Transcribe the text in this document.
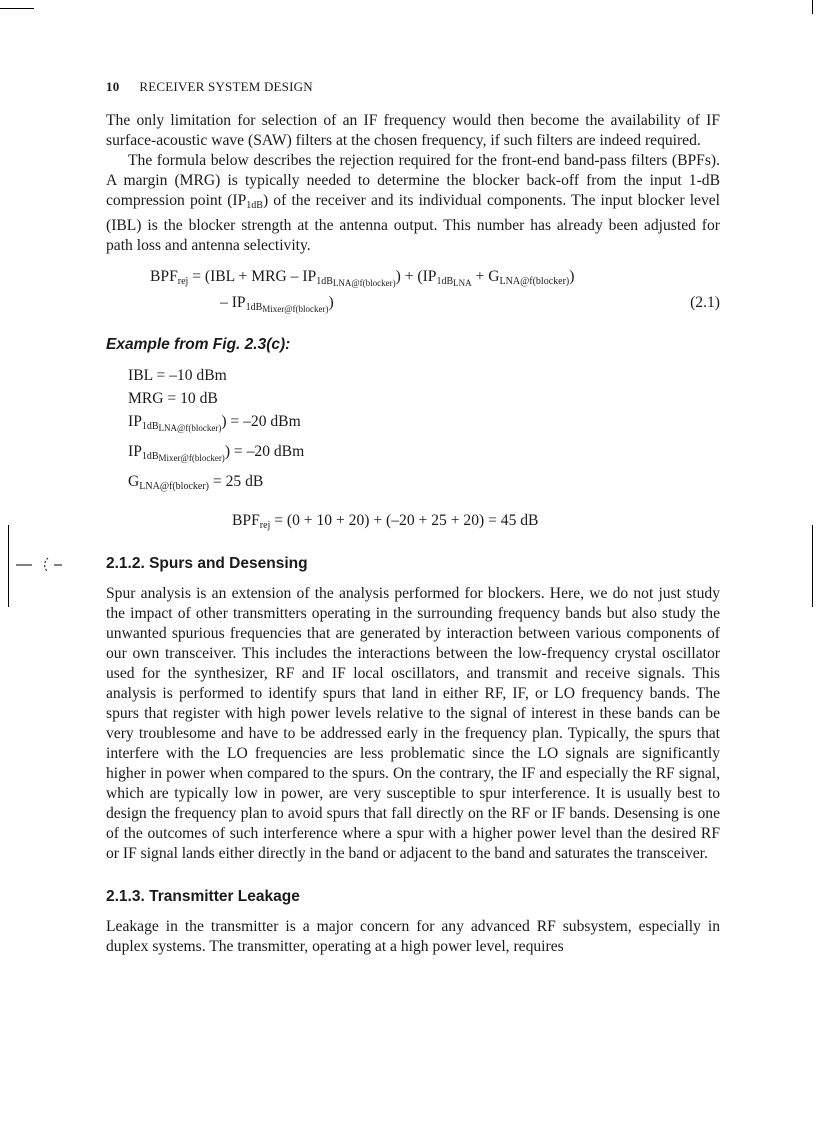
10 RECEIVER SYSTEM DESIGN

The only limitation for selection of an IF frequency would then become the availability of IF surface-acoustic wave (SAW) filters at the chosen frequency, if such filters are indeed required.

The formula below describes the rejection required for the front-end band-pass filters (BPFs). A margin (MRG) is typically needed to determine the blocker back-off from the input 1-dB compression point $(IP_{1dB})$ of the receiver and its individual components. The input blocker level (IBL) is the blocker strength at the antenna output. This number has already been adjusted for path loss and antenna selectivity.

$BPF_{rej} = (IBL$ + MRG – $IP_{1dB_{LNA@f(blocker)}}) + (IP_{1dB_{LNA}} + G_{LNA@f(blocker)})$
– $IP_{1dB_{Mixer@f(blocker)}}$)	(2.1)
Example from Fig. 2.3(c):
IBL = –10 dBm
MRG = 10 dB
$IP_{1dB_{LNA@f(blocker)}}) = -20$ dBm
$IP_{1dB_{Mixer@f(blocker)}}) = -20$ dBm
$G_{LNA@f(blocker)} = 25$ dB
$BPF_{rej} = (0 + 10 + 20) + (-20 + 25 + 20) = 45$ dB
2.1.2. Spurs and Desensing

Spur analysis is an extension of the analysis performed for blockers. Here, we do not just study the impact of other transmitters operating in the surrounding frequency bands but also study the unwanted spurious frequencies that are generated by interaction between various components of our own transceiver. This includes the interactions between the low-frequency crystal oscillator used for the synthesizer, RF and IF local oscillators, and transmit and receive signals. This analysis is performed to identify spurs that land in either RF, IF, or LO frequency bands. The spurs that register with high power levels relative to the signal of interest in these bands can be very troublesome and have to be addressed early in the frequency plan. Typically, the spurs that interfere with the LO frequencies are less problematic since the LO signals are significantly higher in power when compared to the spurs. On the contrary, the IF and especially the RF signal, which are typically low in power, are very susceptible to spur interference. It is usually best to design the frequency plan to avoid spurs that fall directly on the RF or IF bands. Desensing is one of the outcomes of such interference where a spur with a higher power level than the desired RF or IF signal lands either directly in the band or adjacent to the band and saturates the transceiver.

2.1.3. Transmitter Leakage

Leakage in the transmitter is a major concern for any advanced RF subsystem, especially in duplex systems. The transmitter, operating at a high power level, requires
